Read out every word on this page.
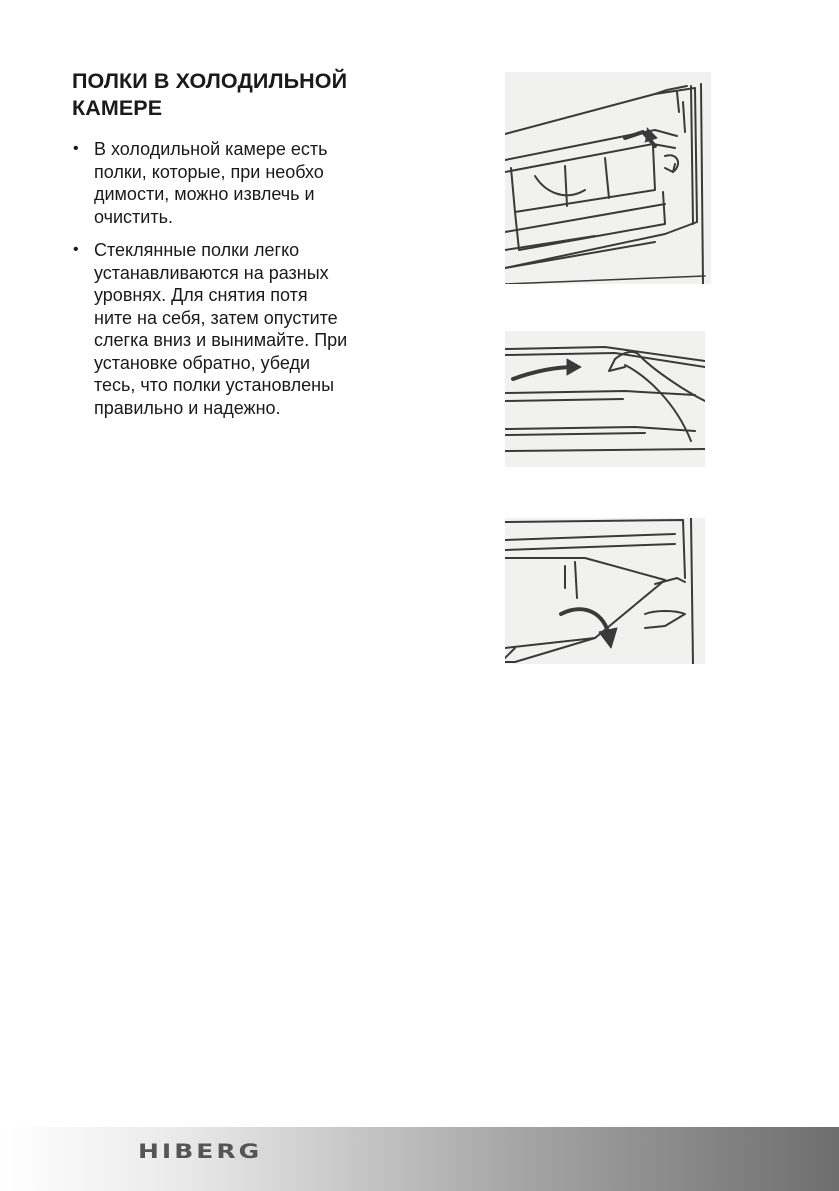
ПОЛКИ В ХОЛОДИЛЬНОЙ
КАМЕРЕ
• В холодильной камере есть
полки, которые, при необхо
димости, можно извлечь и
очистить.
• Стеклянные полки легко
устанавливаются на разных
уровнях. Для снятия потя
ните на себя, затем опустите
слегка вниз и вынимайте. При
установке обратно, убеди
тесь, что полки установлены
правильно и надежно.
HIBERG
